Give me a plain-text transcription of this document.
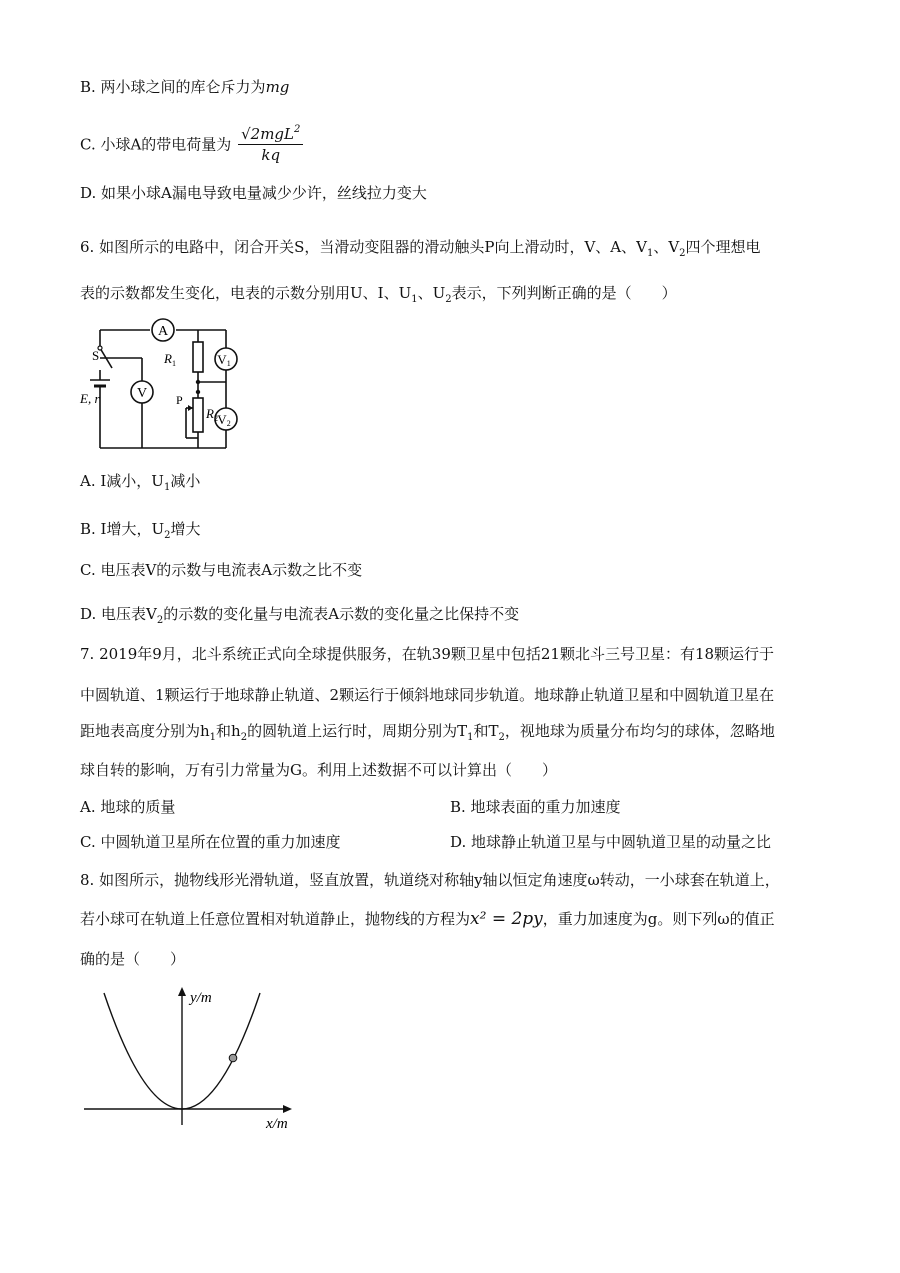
B. 两小球之间的库仑斥力为mg
C. 小球A的带电荷量为 $\frac{√2mgL^2}{kq}$
D. 如果小球A漏电导致电量减少少许，丝线拉力变大
6. 如图所示的电路中，闭合开关S，当滑动变阻器的滑动触头P向上滑动时，V、A、$V_1$、$V_2$四个理想电
表的示数都发生变化，电表的示数分别用U、I、$U_1$、$U_2$表示，下列判断正确的是（　　）
A
V
V1
V2
$R_1$
$R_2$
S
E, r	P
A. I减小，$U_1$减小
B. I增大，$U_2$增大
C. 电压表V的示数与电流表A示数之比不变
D. 电压表$V_2$的示数的变化量与电流表A示数的变化量之比保持不变
7. 2019年9月，北斗系统正式向全球提供服务，在轨39颗卫星中包括21颗北斗三号卫星：有18颗运行于
中圆轨道、1颗运行于地球静止轨道、2颗运行于倾斜地球同步轨道。地球静止轨道卫星和中圆轨道卫星在
距地表高度分别为$h_1$和$h_2$的圆轨道上运行时，周期分别为$T_1$和$T_2$，视地球为质量分布均匀的球体，忽略地
球自转的影响，万有引力常量为G。利用上述数据不可以计算出（　　）
A. 地球的质量	B. 地球表面的重力加速度
C. 中圆轨道卫星所在位置的重力加速度	D. 地球静止轨道卫星与中圆轨道卫星的动量之比
8. 如图所示，抛物线形光滑轨道，竖直放置，轨道绕对称轴y轴以恒定角速度ω转动，一小球套在轨道上，
若小球可在轨道上任意位置相对轨道静止，抛物线的方程为x² = 2py，重力加速度为g。则下列ω的值正
确的是（　　）
y/m
x/m
